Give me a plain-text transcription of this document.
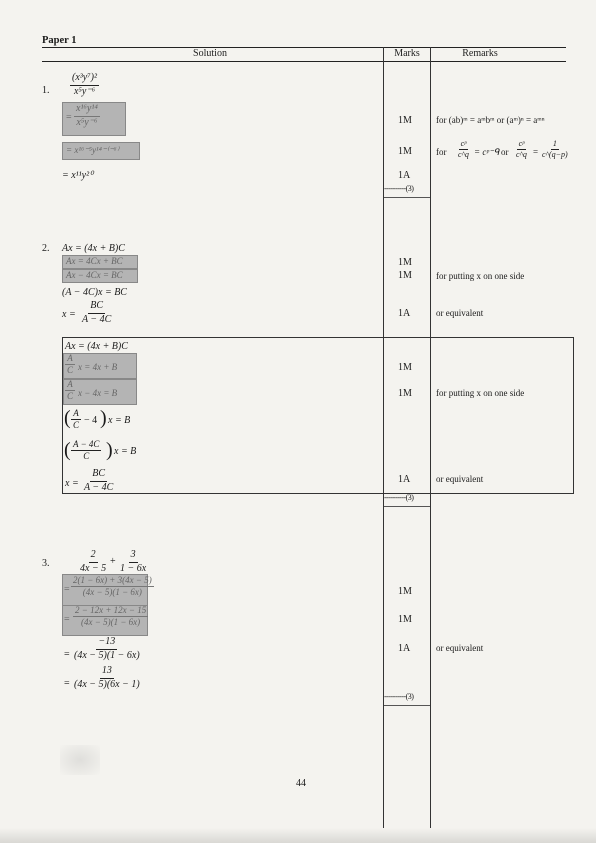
Paper 1
Solution	Marks	Remarks
1. $\frac{\text{(x³y⁷)²}}{\text{x⁵y⁻⁶}}$
= $\frac{\text{x¹⁶y¹⁴}}{\text{x⁵y⁻⁶}}$	1M	for (ab)ᵐ = aᵐbᵐ or (aᵐ)ⁿ = aᵐⁿ
= x¹⁶⁻⁵y¹⁴⁻⁽⁻⁶⁾	1M	for $\frac{\text{cᵖ}}{c\^{}q}$ = cᵖ⁻ᑫ or $\frac{\text{cᵖ}}{c\^{}q} = \frac{1}{c\^{}(q-p)}$
= x¹¹y²⁰	1A
----------(3)
2. Ax = (4x + B)C
Ax = 4Cx + BC	1M
Ax − 4Cx = BC	1M	for putting x on one side
(A − 4C)x = BC
$x = \frac{BC}{A - 4C}$	1A	or equivalent
Ax = (4x + B)C
$\frac{A}{C}$ x = 4x + B	1M
$\frac{A}{C}$ x − 4x = B	1M	for putting x on one side
( $\frac{A}{C} - 4$ ) x = B
( $\frac{A - 4C}{C}$ ) x = B
$x = \frac{BC}{A - 4C}$	1A	or equivalent
----------(3)
3.	$\frac{2}{4x - 5} + \frac{3}{1 - 6x}$
= $\frac{2(1 - 6x) + 3(4x - 5)}{(4x - 5)(1 - 6x)}$	1M
= $\frac{2 - 12x + 12x - 15}{(4x - 5)(1 - 6x)}$	1M
= $\frac{-13}{(4x - 5)(1 - 6x)}$	1A	or equivalent
= $\frac{13}{(4x - 5)(6x - 1)}$
----------(3)
44
